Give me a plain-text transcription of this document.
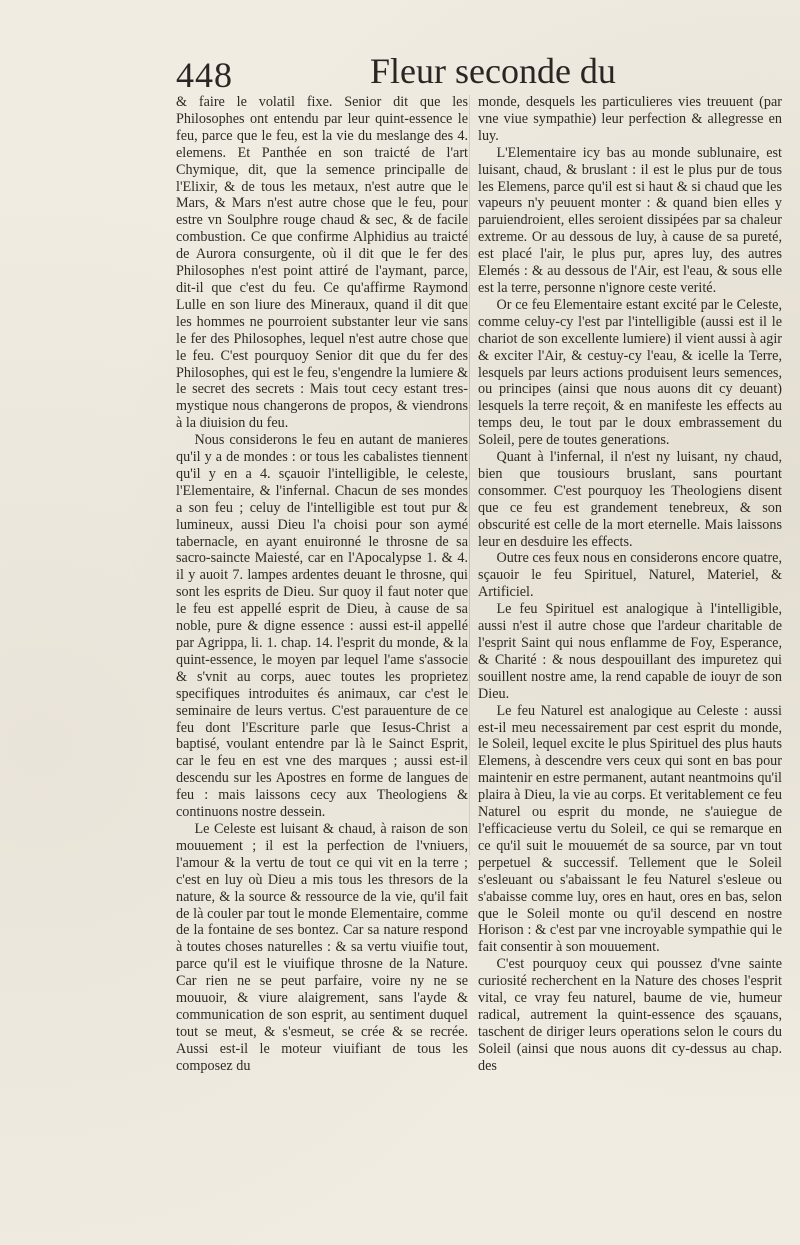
448	Fleur seconde du

& faire le volatil fixe. Senior dit que les Philosophes ont entendu par leur quint-essence le feu, parce que le feu, est la vie du meslange des 4. elemens. Et Panthée en son traicté de l'art Chymique, dit, que la semence principalle de l'Elixir, & de tous les metaux, n'est autre que le Mars, & Mars n'est autre chose que le feu, pour estre vn Soulphre rouge chaud & sec, & de facile combustion. Ce que confirme Alphidius au traicté de Aurora consurgente, où il dit que le fer des Philosophes n'est point attiré de l'aymant, parce, dit-il que c'est du feu. Ce qu'affirme Raymond Lulle en son liure des Mineraux, quand il dit que les hommes ne pourroient substanter leur vie sans le fer des Philosophes, lequel n'est autre chose que le feu. C'est pourquoy Senior dit que du fer des Philosophes, qui est le feu, s'engendre la lumiere & le secret des secrets : Mais tout cecy estant tres-mystique nous changerons de propos, & viendrons à la diuision du feu.

Nous considerons le feu en autant de manieres qu'il y a de mondes : or tous les cabalistes tiennent qu'il y en a 4. sçauoir l'intelligible, le celeste, l'Elementaire, & l'infernal. Chacun de ses mondes a son feu ; celuy de l'intelligible est tout pur & lumineux, aussi Dieu l'a choisi pour son aymé tabernacle, en ayant enuironné le throsne de sa sacro-saincte Maiesté, car en l'Apocalypse 1. & 4. il y auoit 7. lampes ardentes deuant le throsne, qui sont les esprits de Dieu. Sur quoy il faut noter que le feu est appellé esprit de Dieu, à cause de sa noble, pure & digne essence : aussi est-il appellé par Agrippa, li. 1. chap. 14. l'esprit du monde, & la quint-essence, le moyen par lequel l'ame s'associe & s'vnit au corps, auec toutes les proprietez specifiques introduites és animaux, car c'est le seminaire de leurs vertus. C'est parauenture de ce feu dont l'Escriture parle que Iesus-Christ a baptisé, voulant entendre par là le Sainct Esprit, car le feu en est vne des marques ; aussi est-il descendu sur les Apostres en forme de langues de feu : mais laissons cecy aux Theologiens & continuons nostre dessein.

Le Celeste est luisant & chaud, à raison de son mouuement ; il est la perfection de l'vniuers, l'amour & la vertu de tout ce qui vit en la terre ; c'est en luy où Dieu a mis tous les thresors de la nature, & la source & ressource de la vie, qu'il fait de là couler par tout le monde Elementaire, comme de la fontaine de ses bontez. Car sa nature respond à toutes choses naturelles : & sa vertu viuifie tout, parce qu'il est le viuifique throsne de la Nature. Car rien ne se peut parfaire, voire ny ne se mouuoir, & viure alaigrement, sans l'ayde & communication de son esprit, au sentiment duquel tout se meut, & s'esmeut, se crée & se recrée. Aussi est-il le moteur viuifiant de tous les composez du

monde, desquels les particulieres vies treuuent (par vne viue sympathie) leur perfection & allegresse en luy.

L'Elementaire icy bas au monde sublunaire, est luisant, chaud, & bruslant : il est le plus pur de tous les Elemens, parce qu'il est si haut & si chaud que les vapeurs n'y peuuent monter : & quand bien elles y paruiendroient, elles seroient dissipées par sa chaleur extreme. Or au dessous de luy, à cause de sa pureté, est placé l'air, le plus pur, apres luy, des autres Elemés : & au dessous de l'Air, est l'eau, & sous elle est la terre, personne n'ignore ceste verité.

Or ce feu Elementaire estant excité par le Celeste, comme celuy-cy l'est par l'intelligible (aussi est il le chariot de son excellente lumiere) il vient aussi à agir & exciter l'Air, & cestuy-cy l'eau, & icelle la Terre, lesquels par leurs actions produisent leurs semences, ou principes (ainsi que nous auons dit cy deuant) lesquels la terre reçoit, & en manifeste les effects au temps deu, le tout par le doux embrassement du Soleil, pere de toutes generations.

Quant à l'infernal, il n'est ny luisant, ny chaud, bien que tousiours bruslant, sans pourtant consommer. C'est pourquoy les Theologiens disent que ce feu est grandement tenebreux, & son obscurité est celle de la mort eternelle. Mais laissons leur en desduire les effects.

Outre ces feux nous en considerons encore quatre, sçauoir le feu Spirituel, Naturel, Materiel, & Artificiel.

Le feu Spirituel est analogique à l'intelligible, aussi n'est il autre chose que l'ardeur charitable de l'esprit Saint qui nous enflamme de Foy, Esperance, & Charité : & nous despouillant des impuretez qui souillent nostre ame, la rend capable de iouyr de son Dieu.

Le feu Naturel est analogique au Celeste : aussi est-il meu necessairement par cest esprit du monde, le Soleil, lequel excite le plus Spirituel des plus hauts Elemens, à descendre vers ceux qui sont en bas pour maintenir en estre permanent, autant neantmoins qu'il plaira à Dieu, la vie au corps. Et veritablement ce feu Naturel ou esprit du monde, ne s'auiegue de l'efficacieuse vertu du Soleil, ce qui se remarque en ce qu'il suit le mouuemét de sa source, par vn tout perpetuel & successif. Tellement que le Soleil s'esleuant ou s'abaissant le feu Naturel s'esleue ou s'abaisse comme luy, ores en haut, ores en bas, selon que le Soleil monte ou qu'il descend en nostre Horison : & c'est par vne incroyable sympathie qui le fait consentir à son mouuement.

C'est pourquoy ceux qui poussez d'vne sainte curiosité recherchent en la Nature des choses l'esprit vital, ce vray feu naturel, baume de vie, humeur radical, autrement la quint-essence des sçauans, taschent de diriger leurs operations selon le cours du Soleil (ainsi que nous auons dit cy-dessus au chap. des
